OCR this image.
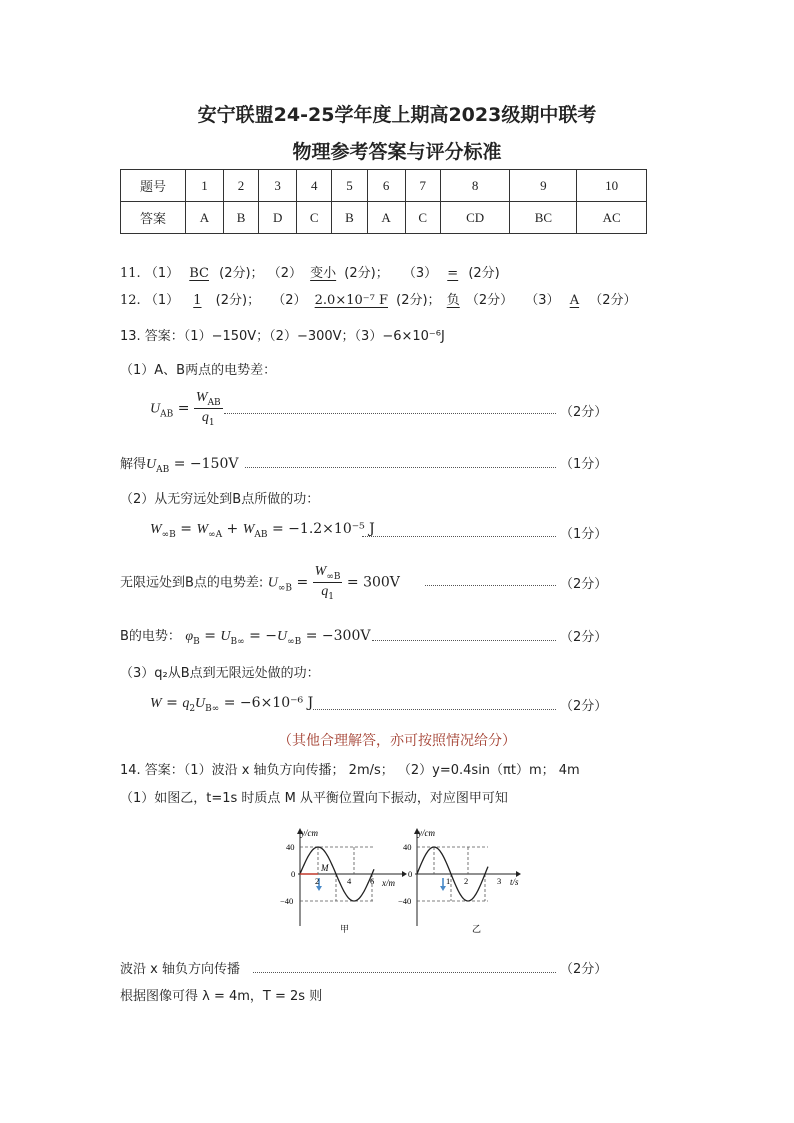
安宁联盟24-25学年度上期高2023级期中联考
物理参考答案与评分标准
题号	1	2	3	4	5	6	7	8	9	10
答案	A	B	D	C	B	A	C	CD	BC	AC
11. （1） BC (2分)； （2） 变小 (2分)； （3） = (2分)
12. （1） 1 (2分)； （2） 2.0×10⁻⁷ F (2分)； 负 （2分） （3） A （2分）
13. 答案：（1）−150V；（2）−300V；（3）−6×10⁻⁶J
（1）A、B两点的电势差：
$U_{AB} = \frac{W_{AB}}{q_1}$	（2分）
解得$U_{AB} = -150V$	（1分）
（2）从无穷远处到B点所做的功：
$W_{\infty B} = W_{\infty A} + W_{AB} = -1.2\times 10^{-5}$ J	（1分）
无限远处到B点的电势差: $U_{\infty B} = \frac{W_{\infty B}}{q_1} = 300V$	（2分）
B的电势： $\varphi_B = U_{B\infty} = -U_{\infty B} = -300V$	（2分）
（3）q₂从B点到无限远处做的功：
$W = q_2U_{B\infty} = -6\times 10^{-6}$ J	（2分）
（其他合理解答，亦可按照情况给分）
14. 答案：（1）波沿 x 轴负方向传播； 2m/s； （2）y=0.4sin（πt）m； 4m
（1）如图乙，t=1s 时质点 M 从平衡位置向下振动，对应图甲可知
y/cm
x/m
40
0
−40
2	4 6
M
甲
y/cm
t/s
40
0
−40
1 2	3
乙
波沿 x 轴负方向传播	（2分）
根据图像可得 λ = 4m，T = 2s 则
